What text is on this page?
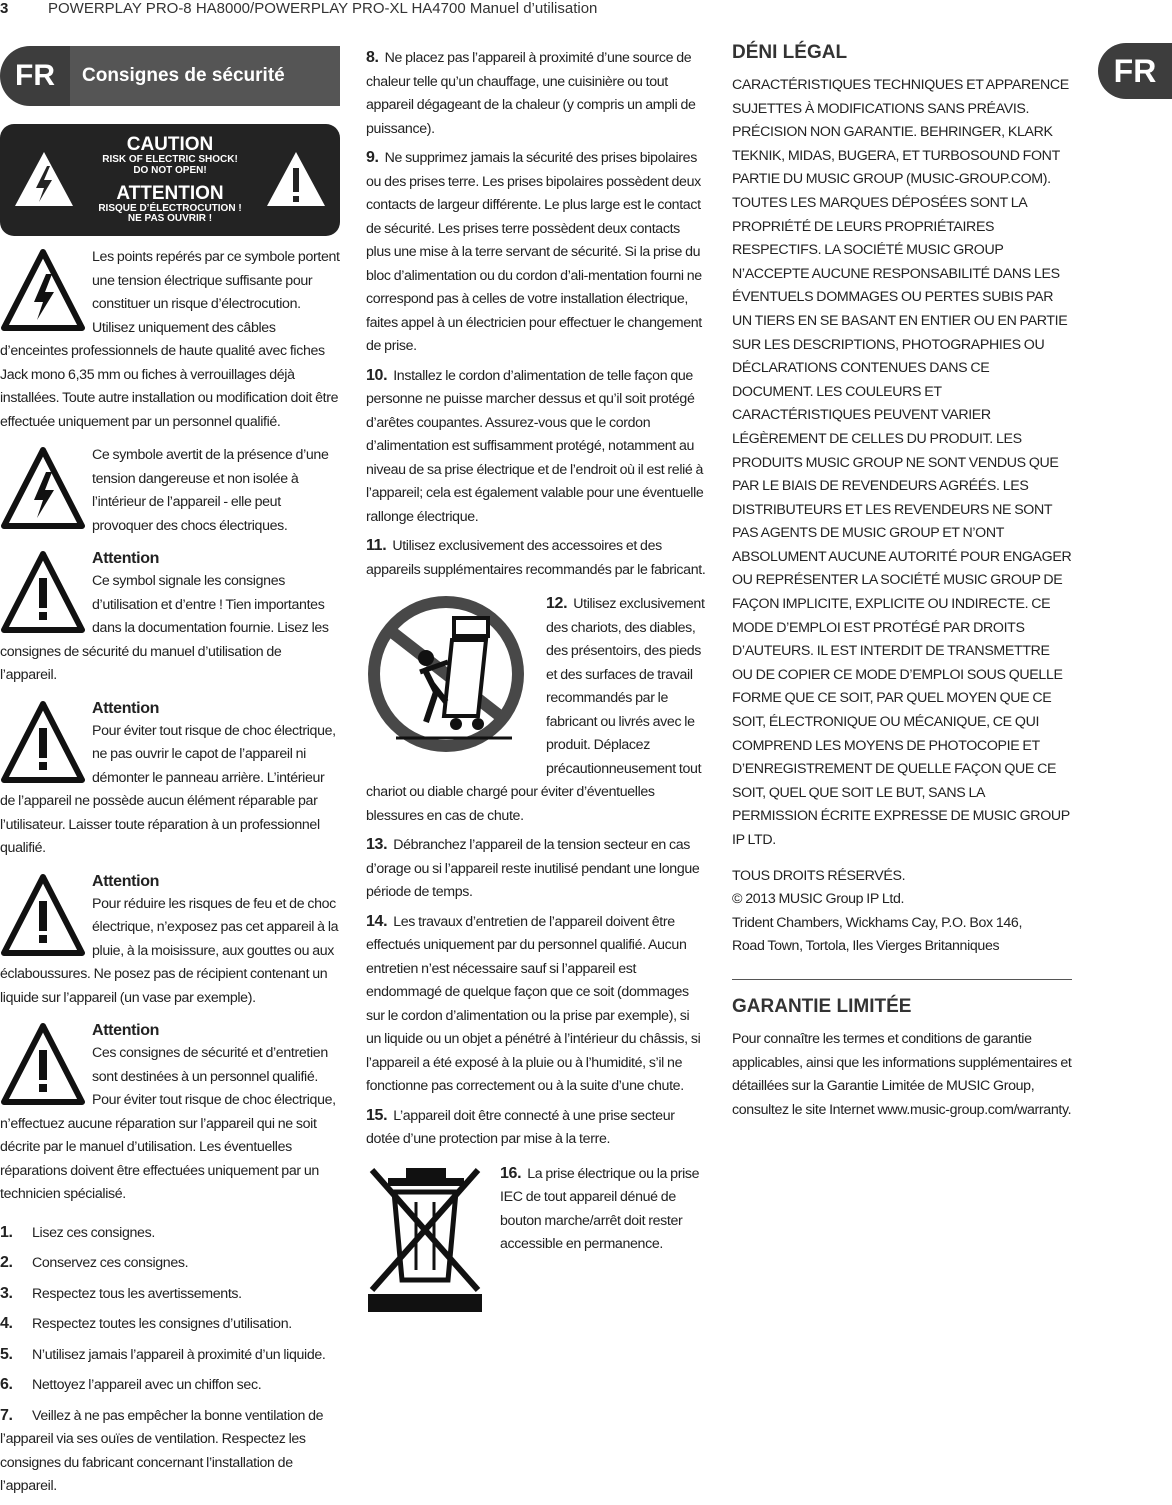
3	POWERPLAY PRO-8 HA8000/POWERPLAY PRO-XL HA4700 Manuel d’utilisation
FR
FR	Consignes de sécurité
CAUTION
RISK OF ELECTRIC SHOCK!
DO NOT OPEN!
ATTENTION
RISQUE D’ÉLECTROCUTION !
NE PAS OUVRIR !
Les points repérés par ce symbole portent une tension électrique suffisante pour constituer un risque d’électrocution. Utilisez uniquement des câbles d’enceintes professionnels de haute qualité avec fiches Jack mono 6,35 mm ou fiches à verrouillages déjà installées. Toute autre installation ou modification doit être effectuée uniquement par un personnel qualifié.
Ce symbole avertit de la présence d’une tension dangereuse et non isolée à l’intérieur de l’appareil - elle peut provoquer des chocs électriques.
Attention
Ce symbol signale les consignes d’utilisation et d’entre ! Tien importantes dans la documentation fournie. Lisez les consignes de sécurité du manuel d’utilisation de l’appareil.
Attention
Pour éviter tout risque de choc électrique, ne pas ouvrir le capot de l’appareil ni démonter le panneau arrière. L’intérieur de l’appareil ne possède aucun élément réparable par l’utilisateur. Laisser toute réparation à un professionnel qualifié.
Attention
Pour réduire les risques de feu et de choc électrique, n’exposez pas cet appareil à la pluie, à la moisissure, aux gouttes ou aux éclaboussures. Ne posez pas de récipient contenant un liquide sur l’appareil (un vase par exemple).
Attention
Ces consignes de sécurité et d’entretien sont destinées à un personnel qualifié. Pour éviter tout risque de choc électrique, n’effectuez aucune réparation sur l’appareil qui ne soit décrite par le manuel d’utilisation. Les éventuelles réparations doivent être effectuées uniquement par un technicien spécialisé.
1. Lisez ces consignes.
2. Conservez ces consignes.
3. Respectez tous les avertissements.
4. Respectez toutes les consignes d’utilisation.
5. N’utilisez jamais l’appareil à proximité d’un liquide.
6. Nettoyez l’appareil avec un chiffon sec.
7. Veillez à ne pas empêcher la bonne ventilation de l’appareil via ses ouïes de ventilation. Respectez les consignes du fabricant concernant l’installation de l’appareil.
8. Ne placez pas l’appareil à proximité d’une source de chaleur telle qu’un chauffage, une cuisinière ou tout appareil dégageant de la chaleur (y compris un ampli de puissance).
9. Ne supprimez jamais la sécurité des prises bipolaires ou des prises terre. Les prises bipolaires possèdent deux contacts de largeur différente. Le plus large est le contact de sécurité. Les prises terre possèdent deux contacts plus une mise à la terre servant de sécurité. Si la prise du bloc d’alimentation ou du cordon d’ali-mentation fourni ne correspond pas à celles de votre installation électrique, faites appel à un électricien pour effectuer le changement de prise.
10. Installez le cordon d’alimentation de telle façon que personne ne puisse marcher dessus et qu’il soit protégé d’arêtes coupantes. Assurez-vous que le cordon d’alimentation est suffisamment protégé, notamment au niveau de sa prise électrique et de l’endroit où il est relié à l’appareil; cela est également valable pour une éventuelle rallonge électrique.
11. Utilisez exclusivement des accessoires et des appareils supplémentaires recommandés par le fabricant.
12. Utilisez exclusivement des chariots, des diables, des présentoirs, des pieds et des surfaces de travail recommandés par le fabricant ou livrés avec le produit. Déplacez précautionneusement tout chariot ou diable chargé pour éviter d’éventuelles blessures en cas de chute.
13. Débranchez l’appareil de la tension secteur en cas d’orage ou si l’appareil reste inutilisé pendant une longue période de temps.
14. Les travaux d’entretien de l’appareil doivent être effectués uniquement par du personnel qualifié. Aucun entretien n’est nécessaire sauf si l’appareil est endommagé de quelque façon que ce soit (dommages sur le cordon d’alimentation ou la prise par exemple), si un liquide ou un objet a pénétré à l’intérieur du châssis, si l’appareil a été exposé à la pluie ou à l’humidité, s’il ne fonctionne pas correctement ou à la suite d’une chute.
15. L’appareil doit être connecté à une prise secteur dotée d’une protection par mise à la terre.
16. La prise électrique ou la prise IEC de tout appareil dénué de bouton marche/arrêt doit rester accessible en permanence.
DÉNI LÉGAL
CARACTÉRISTIQUES TECHNIQUES ET APPARENCE SUJETTES À MODIFICATIONS SANS PRÉAVIS. PRÉCISION NON GARANTIE. BEHRINGER, KLARK TEKNIK, MIDAS, BUGERA, ET TURBOSOUND FONT PARTIE DU MUSIC GROUP (MUSIC-GROUP.COM). TOUTES LES MARQUES DÉPOSÉES SONT LA PROPRIÉTÉ DE LEURS PROPRIÉTAIRES RESPECTIFS. LA SOCIÉTÉ MUSIC GROUP N’ACCEPTE AUCUNE RESPONSABILITÉ DANS LES ÉVENTUELS DOMMAGES OU PERTES SUBIS PAR UN TIERS EN SE BASANT EN ENTIER OU EN PARTIE SUR LES DESCRIPTIONS, PHOTOGRAPHIES OU DÉCLARATIONS CONTENUES DANS CE DOCUMENT. LES COULEURS ET CARACTÉRISTIQUES PEUVENT VARIER LÉGÈREMENT DE CELLES DU PRODUIT. LES PRODUITS MUSIC GROUP NE SONT VENDUS QUE PAR LE BIAIS DE REVENDEURS AGRÉÉS. LES DISTRIBUTEURS ET LES REVENDEURS NE SONT PAS AGENTS DE MUSIC GROUP ET N’ONT ABSOLUMENT AUCUNE AUTORITÉ POUR ENGAGER OU REPRÉSENTER LA SOCIÉTÉ MUSIC GROUP DE FAÇON IMPLICITE, EXPLICITE OU INDIRECTE. CE MODE D’EMPLOI EST PROTÉGÉ PAR DROITS D’AUTEURS. IL EST INTERDIT DE TRANSMETTRE OU DE COPIER CE MODE D’EMPLOI SOUS QUELLE FORME QUE CE SOIT, PAR QUEL MOYEN QUE CE SOIT, ÉLECTRONIQUE OU MÉCANIQUE, CE QUI COMPREND LES MOYENS DE PHOTOCOPIE ET D’ENREGISTREMENT DE QUELLE FAÇON QUE CE SOIT, QUEL QUE SOIT LE BUT, SANS LA PERMISSION ÉCRITE EXPRESSE DE MUSIC GROUP IP LTD.
TOUS DROITS RÉSERVÉS.
© 2013 MUSIC Group IP Ltd.
Trident Chambers, Wickhams Cay, P.O. Box 146,
Road Town, Tortola, Iles Vierges Britanniques
GARANTIE LIMITÉE
Pour connaître les termes et conditions de garantie applicables, ainsi que les informations supplémentaires et détaillées sur la Garantie Limitée de MUSIC Group, consultez le site Internet www.music-group.com/warranty.
